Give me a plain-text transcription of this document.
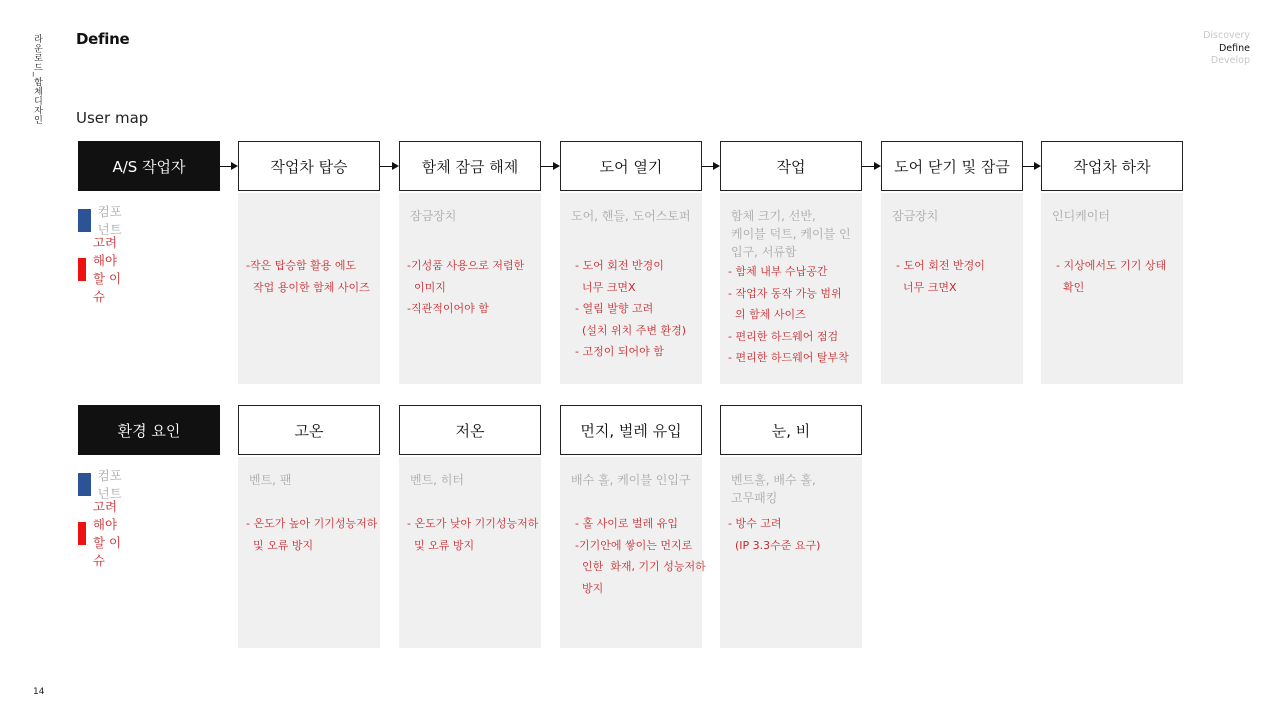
라운로드_함체디자인 Define	Discovery
Define
Develop
User map
A/S 작업자
컴포넌트
고려해야 할 이슈
작업차 탑승
-작은 탑승함 활용 에도
작업 용이한 함체 사이즈
함체 잠금 해제
잠금장치
-기성품 사용으로 저렴한
이미지
-직관적이어야 함
도어 열기
도어, 핸들, 도어스토퍼
- 도어 회전 반경이
너무 크면X
- 열림 발향 고려
(설치 위치 주변 환경)
- 고정이 되어야 함
작업
함체 크기, 선반,
케이블 덕트, 케이블 인
입구, 서류함
- 함체 내부 수납공간
- 작업자 동작 가능 범위
의 함체 사이즈
- 편리한 하드웨어 점검
- 편리한 하드웨어 탈부착
도어 닫기 및 잠금
잠금장치
- 도어 회전 반경이
너무 크면X
작업차 하차
인디케이터
- 지상에서도 기기 상태
확인
환경 요인
컴포넌트
고려해야 할 이슈
고온
벤트, 팬
- 온도가 높아 기기성능저하
및 오류 방지
저온
벤트, 히터
- 온도가 낮아 기기성능저하
및 오류 방지
먼지, 벌레 유입
배수 홀, 케이블 인입구
- 홀 사이로 벌레 유입
-기기안에 쌓이는 먼지로
인한  화재, 기기 성능저하
방지
눈, 비
벤트홀, 배수 홀,
고무패킹
- 방수 고려
(IP 3.3수준 요구)
14
